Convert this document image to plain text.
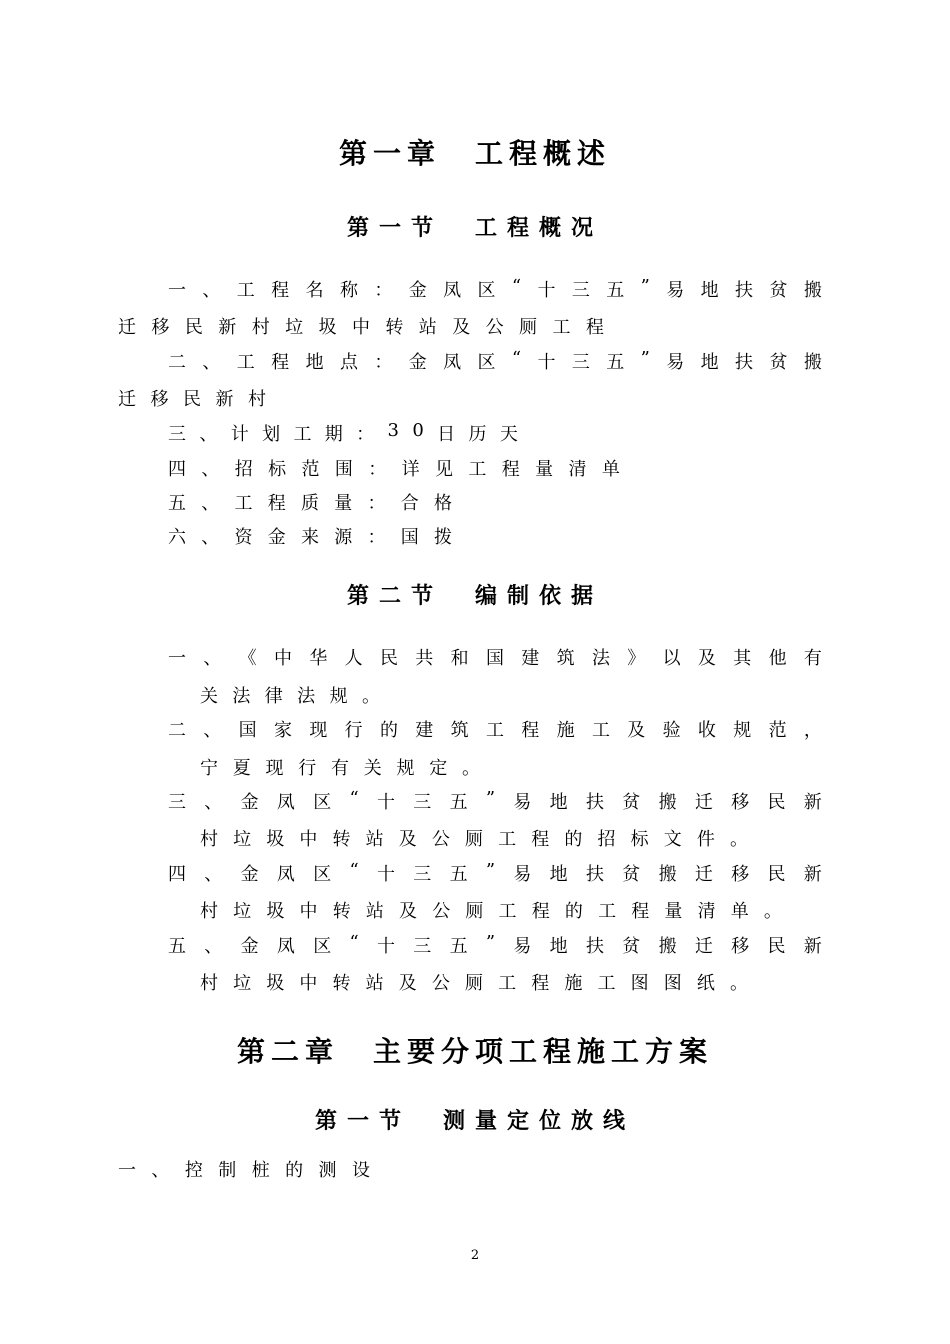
第一章　工程概述
第一节　工程概况
一 、 工 程 名 称 ： 金 凤 区 “ 十 三 五 ” 易 地 扶 贫 搬
迁 移 民 新 村 垃 圾 中 转 站 及 公 厕 工 程
二 、 工 程 地 点 ： 金 凤 区 “ 十 三 五 ” 易 地 扶 贫 搬
迁 移 民 新 村
三 、 计 划 工 期 ： 3 0 日 历 天
四 、 招 标 范 围 ： 详 见 工 程 量 清 单
五 、 工 程 质 量 ： 合 格
六 、 资 金 来 源 ： 国 拨
第二节　编制依据
一 、 《 中 华 人 民 共 和 国 建 筑 法 》 以 及 其 他 有
关 法 律 法 规 。
二 、 国 家 现 行 的 建 筑 工 程 施 工 及 验 收 规 范 ，
宁 夏 现 行 有 关 规 定 。
三 、 金 凤 区 “ 十 三 五 ” 易 地 扶 贫 搬 迁 移 民 新
村 垃 圾 中 转 站 及 公 厕 工 程 的 招 标 文 件 。
四 、 金 凤 区 “ 十 三 五 ” 易 地 扶 贫 搬 迁 移 民 新
村 垃 圾 中 转 站 及 公 厕 工 程 的 工 程 量 清 单 。
五 、 金 凤 区 “ 十 三 五 ” 易 地 扶 贫 搬 迁 移 民 新
村 垃 圾 中 转 站 及 公 厕 工 程 施 工 图 图 纸 。
第二章　主要分项工程施工方案
第一节　测量定位放线
一 、 控 制 桩 的 测 设
2
